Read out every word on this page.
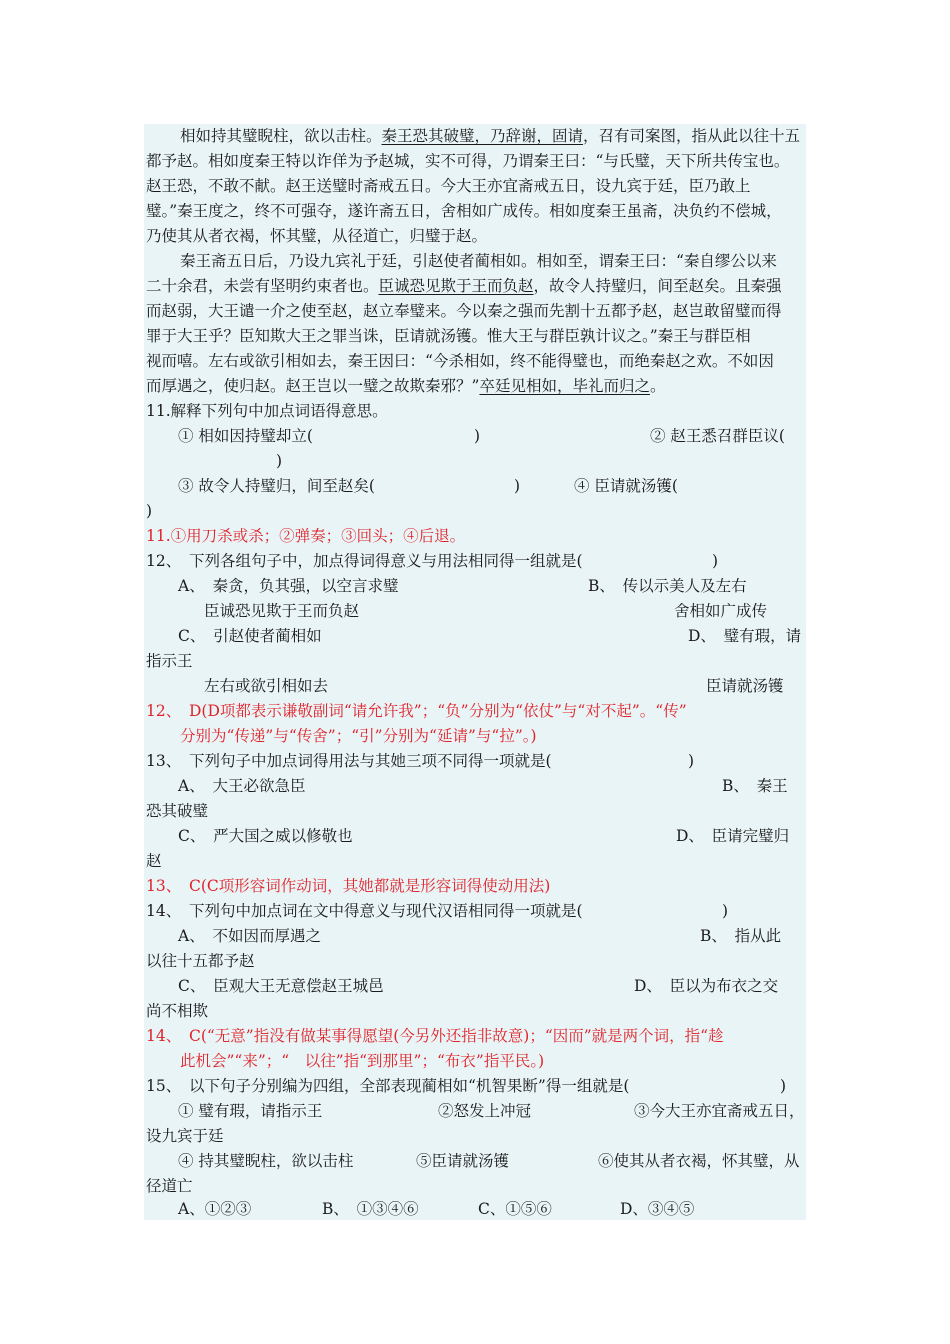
相如持其璧睨柱，欲以击柱。秦王恐其破璧，乃辞谢，固请，召有司案图，指从此以往十五
都予赵。相如度秦王特以诈佯为予赵城，实不可得，乃谓秦王曰：“与氏璧，天下所共传宝也。
赵王恐，不敢不献。赵王送璧时斋戒五日。今大王亦宜斋戒五日，设九宾于廷，臣乃敢上
璧。”秦王度之，终不可强夺，遂许斋五日，舍相如广成传。相如度秦王虽斋，决负约不偿城，
乃使其从者衣褐，怀其璧，从径道亡，归璧于赵。
秦王斋五日后，乃设九宾礼于廷，引赵使者蔺相如。相如至，谓秦王曰：“秦自缪公以来
二十余君，未尝有坚明约束者也。臣诚恐见欺于王而负赵，故令人持璧归，间至赵矣。且秦强
而赵弱，大王谴一介之使至赵，赵立奉璧来。今以秦之强而先割十五都予赵，赵岂敢留璧而得
罪于大王乎？臣知欺大王之罪当诛，臣请就汤镬。惟大王与群臣孰计议之。”秦王与群臣相
视而嘻。左右或欲引相如去，秦王因曰：“今杀相如，终不能得璧也，而绝秦赵之欢。不如因
而厚遇之，使归赵。赵王岂以一璧之故欺秦邪？”卒廷见相如，毕礼而归之。
11.解释下列句中加点词语得意思。
① 相如因持璧却立(	)	② 赵王悉召群臣议(
)
③ 故令人持璧归，间至赵矣(	)	④ 臣请就汤镬(
)
11.①用刀杀或杀；②弹奏；③回头；④后退。
12、　下列各组句子中，加点得词得意义与用法相同得一组就是(	)
A、　秦贪，负其强，以空言求璧	B、　传以示美人及左右
臣诚恐见欺于王而负赵	舍相如广成传
C、　引赵使者蔺相如	D、　璧有瑕，请
指示王
左右或欲引相如去	臣请就汤镬
12、　D(D项都表示谦敬副词“请允许我”；“负”分别为“依仗”与“对不起”。“传”
分别为“传递”与“传舍”；“引”分别为“延请”与“拉”。)
13、　下列句子中加点词得用法与其她三项不同得一项就是(	)
A、　大王必欲急臣	B、　秦王
恐其破璧
C、　严大国之威以修敬也	D、　臣请完璧归
赵
13、　C(C项形容词作动词，其她都就是形容词得使动用法)
14、　下列句中加点词在文中得意义与现代汉语相同得一项就是(	)
A、　不如因而厚遇之	B、　指从此
以往十五都予赵
C、　臣观大王无意偿赵王城邑	D、　臣以为布衣之交
尚不相欺
14、　C(“无意”指没有做某事得愿望(今另外还指非故意)；“因而”就是两个词，指“趁
此机会”“来”；“　以往”指“到那里”；“布衣”指平民。)
15、　以下句子分别编为四组，全部表现蔺相如“机智果断”得一组就是(	)
① 璧有瑕，请指示王	②怒发上冲冠	③今大王亦宜斋戒五日，
设九宾于廷
④ 持其璧睨柱，欲以击柱	⑤臣请就汤镬	⑥使其从者衣褐，怀其璧，从
径道亡
A、①②③	B、　①③④⑥	C、①⑤⑥	D、③④⑤
